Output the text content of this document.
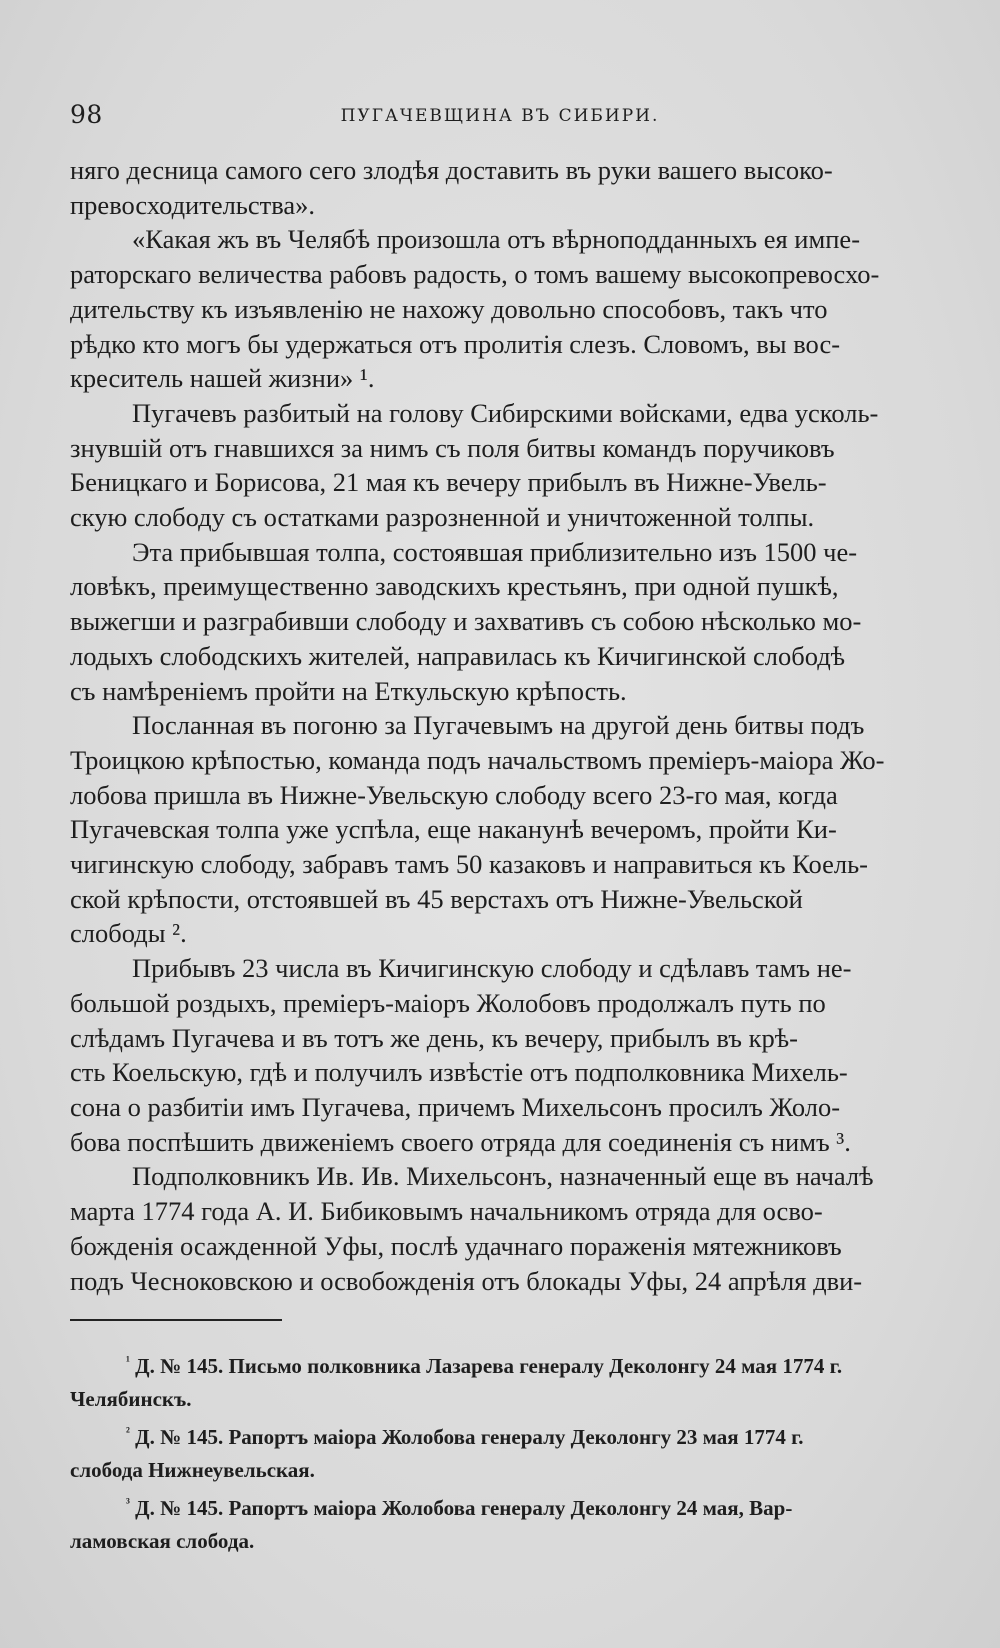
98	ПУГАЧЕВЩИНА ВЪ СИБИРИ.

няго десница самого сего злодѣя доставить въ руки вашего высоко-
превосходительства».

«Какая жъ въ Челябѣ произошла отъ вѣрноподданныхъ ея импе-
раторскаго величества рабовъ радость, о томъ вашему высокопревосхо-
дительству къ изъявленію не нахожу довольно способовъ, такъ что
рѣдко кто могъ бы удержаться отъ пролитія слезъ. Словомъ, вы вос-
креситель нашей жизни» ¹.

Пугачевъ разбитый на голову Сибирскими войсками, едва усколь-
знувшій отъ гнавшихся за нимъ съ поля битвы командъ поручиковъ
Беницкаго и Борисова, 21 мая къ вечеру прибылъ въ Нижне-Увель-
скую слободу съ остатками разрозненной и уничтоженной толпы.

Эта прибывшая толпа, состоявшая приблизительно изъ 1500 че-
ловѣкъ, преимущественно заводскихъ крестьянъ, при одной пушкѣ,
выжегши и разграбивши слободу и захвативъ съ собою нѣсколько мо-
лодыхъ слободскихъ жителей, направилась къ Кичигинской слободѣ
съ намѣреніемъ пройти на Еткульскую крѣпость.

Посланная въ погоню за Пугачевымъ на другой день битвы подъ
Троицкою крѣпостью, команда подъ начальствомъ преміеръ-маіора Жо-
лобова пришла въ Нижне-Увельскую слободу всего 23-го мая, когда
Пугачевская толпа уже успѣла, еще наканунѣ вечеромъ, пройти Ки-
чигинскую слободу, забравъ тамъ 50 казаковъ и направиться къ Коель-
ской крѣпости, отстоявшей въ 45 верстахъ отъ Нижне-Увельской
слободы ².

Прибывъ 23 числа въ Кичигинскую слободу и сдѣлавъ тамъ не-
большой роздыхъ, преміеръ-маіоръ Жолобовъ продолжалъ путь по
слѣдамъ Пугачева и въ тотъ же день, къ вечеру, прибылъ въ крѣ-
сть Коельскую, гдѣ и получилъ извѣстіе отъ подполковника Михель-
сона о разбитіи имъ Пугачева, причемъ Михельсонъ просилъ Жоло-
бова поспѣшить движеніемъ своего отряда для соединенія съ нимъ ³.

Подполковникъ Ив. Ив. Михельсонъ, назначенный еще въ началѣ
марта 1774 года А. И. Бибиковымъ начальникомъ отряда для осво-
божденія осажденной Уфы, послѣ удачнаго пораженія мятежниковъ
подъ Чесноковскою и освобожденія отъ блокады Уфы, 24 апрѣля дви-

$^{^1}$ Д. № 145. Письмо полковника Лазарева генералу Деколонгу 24 мая 1774 г.
Челябинскъ.

$^{^2}$ Д. № 145. Рапортъ маіора Жолобова генералу Деколонгу 23 мая 1774 г.
слобода Нижнеувельская.

$^{^3}$ Д. № 145. Рапортъ маіора Жолобова генералу Деколонгу 24 мая, Вар-
ламовская слобода.
